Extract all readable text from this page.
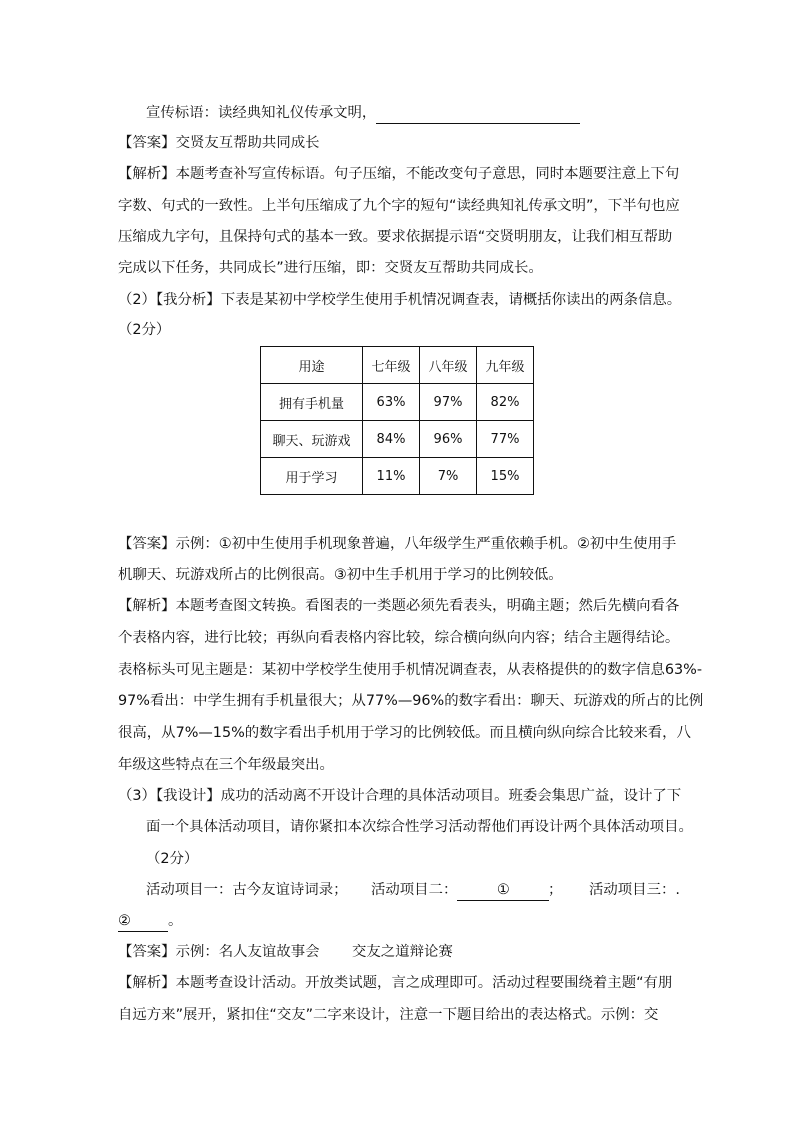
宣传标语：读经典知礼仪传承文明，
【答案】交贤友互帮助共同成长
【解析】本题考查补写宣传标语。句子压缩，不能改变句子意思，同时本题要注意上下句
字数、句式的一致性。上半句压缩成了九个字的短句“读经典知礼传承文明”，下半句也应
压缩成九字句，且保持句式的基本一致。要求依据提示语“交贤明朋友，让我们相互帮助
完成以下任务，共同成长”进行压缩，即：交贤友互帮助共同成长。
（2）【我分析】下表是某初中学校学生使用手机情况调查表，请概括你读出的两条信息。
（2分）
用途	七年级	八年级	九年级
拥有手机量	63%	97%	82%
聊天、玩游戏	84%	96%	77%
用于学习	11%	7%	15%
【答案】示例：①初中生使用手机现象普遍，八年级学生严重依赖手机。②初中生使用手
机聊天、玩游戏所占的比例很高。③初中生手机用于学习的比例较低。
【解析】本题考查图文转换。看图表的一类题必须先看表头，明确主题；然后先横向看各
个表格内容，进行比较；再纵向看表格内容比较，综合横向纵向内容；结合主题得结论。
表格标头可见主题是：某初中学校学生使用手机情况调查表，从表格提供的的数字信息63%-
97%看出：中学生拥有手机量很大；从77%—96%的数字看出：聊天、玩游戏的所占的比例
很高，从7%—15%的数字看出手机用于学习的比例较低。而且横向纵向综合比较来看，八
年级这些特点在三个年级最突出。
（3）【我设计】成功的活动离不开设计合理的具体活动项目。班委会集思广益，设计了下
面一个具体活动项目，请你紧扣本次综合性学习活动帮他们再设计两个具体活动项目。
（2分）
活动项目一：古今友谊诗词录； 活动项目二：	①	； 活动项目三：.
②	。
【答案】示例：名人友谊故事会 交友之道辩论赛
【解析】本题考查设计活动。开放类试题，言之成理即可。活动过程要围绕着主题“有朋
自远方来”展开，紧扣住“交友”二字来设计，注意一下题目给出的表达格式。示例：交
